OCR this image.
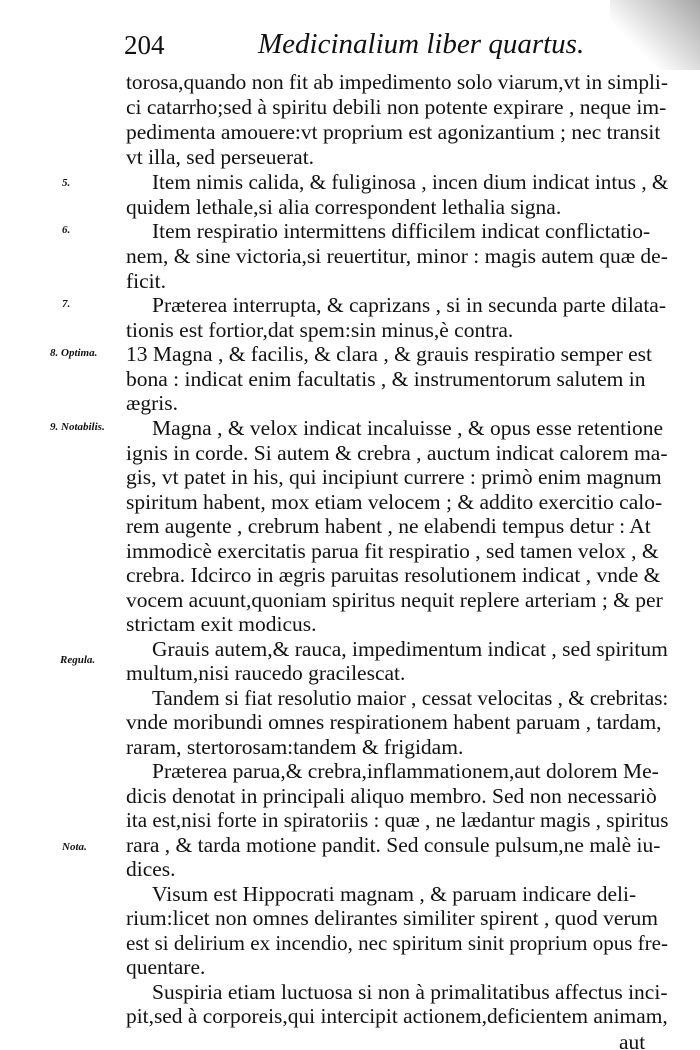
204	Medicinalium liber quartus.
torosa,quando non fit ab impedimento solo viarum,vt in simpli-
ci catarrho;sed à spiritu debili non potente expirare , neque im-
pedimenta amouere:vt proprium est agonizantium ; nec transit
vt illa, sed perseuerat.
Item nimis calida, & fuliginosa , incen dium indicat intus , &
quidem lethale,si alia correspondent lethalia signa.
Item respiratio intermittens difficilem indicat conflictatio-
nem, & sine victoria,si reuertitur, minor : magis autem quæ de-
ficit.
Præterea interrupta, & caprizans , si in secunda parte dilata-
tionis est fortior,dat spem:sin minus,è contra.
13 Magna , & facilis, & clara , & grauis respiratio semper est
bona : indicat enim facultatis , & instrumentorum salutem in
ægris.
Magna , & velox indicat incaluisse , & opus esse retentione
ignis in corde. Si autem & crebra , auctum indicat calorem ma-
gis, vt patet in his, qui incipiunt currere : primò enim magnum
spiritum habent, mox etiam velocem ; & addito exercitio calo-
rem augente , crebrum habent , ne elabendi tempus detur : At
immodicè exercitatis parua fit respiratio , sed tamen velox , &
crebra. Idcirco in ægris paruitas resolutionem indicat , vnde &
vocem acuunt,quoniam spiritus nequit replere arteriam ; & per
strictam exit modicus.
Grauis autem,& rauca, impedimentum indicat , sed spiritum
multum,nisi raucedo gracilescat.
Tandem si fiat resolutio maior , cessat velocitas , & crebritas:
vnde moribundi omnes respirationem habent paruam , tardam,
raram, stertorosam:tandem & frigidam.
Præterea parua,& crebra,inflammationem,aut dolorem Me-
dicis denotat in principali aliquo membro. Sed non necessariò
ita est,nisi forte in spiratoriis : quæ , ne lædantur magis , spiritus
rara , & tarda motione pandit. Sed consule pulsum,ne malè iu-
dices.
Visum est Hippocrati magnam , & paruam indicare deli-
rium:licet non omnes delirantes similiter spirent , quod verum
est si delirium ex incendio, nec spiritum sinit proprium opus fre-
quentare.
Suspiria etiam luctuosa si non à primalitatibus affectus inci-
pit,sed à corporeis,qui intercipit actionem,deficientem animam,
5.
6.
7.
8. Optima.
9. Notabilis.
Regula.
Nota.
aut
